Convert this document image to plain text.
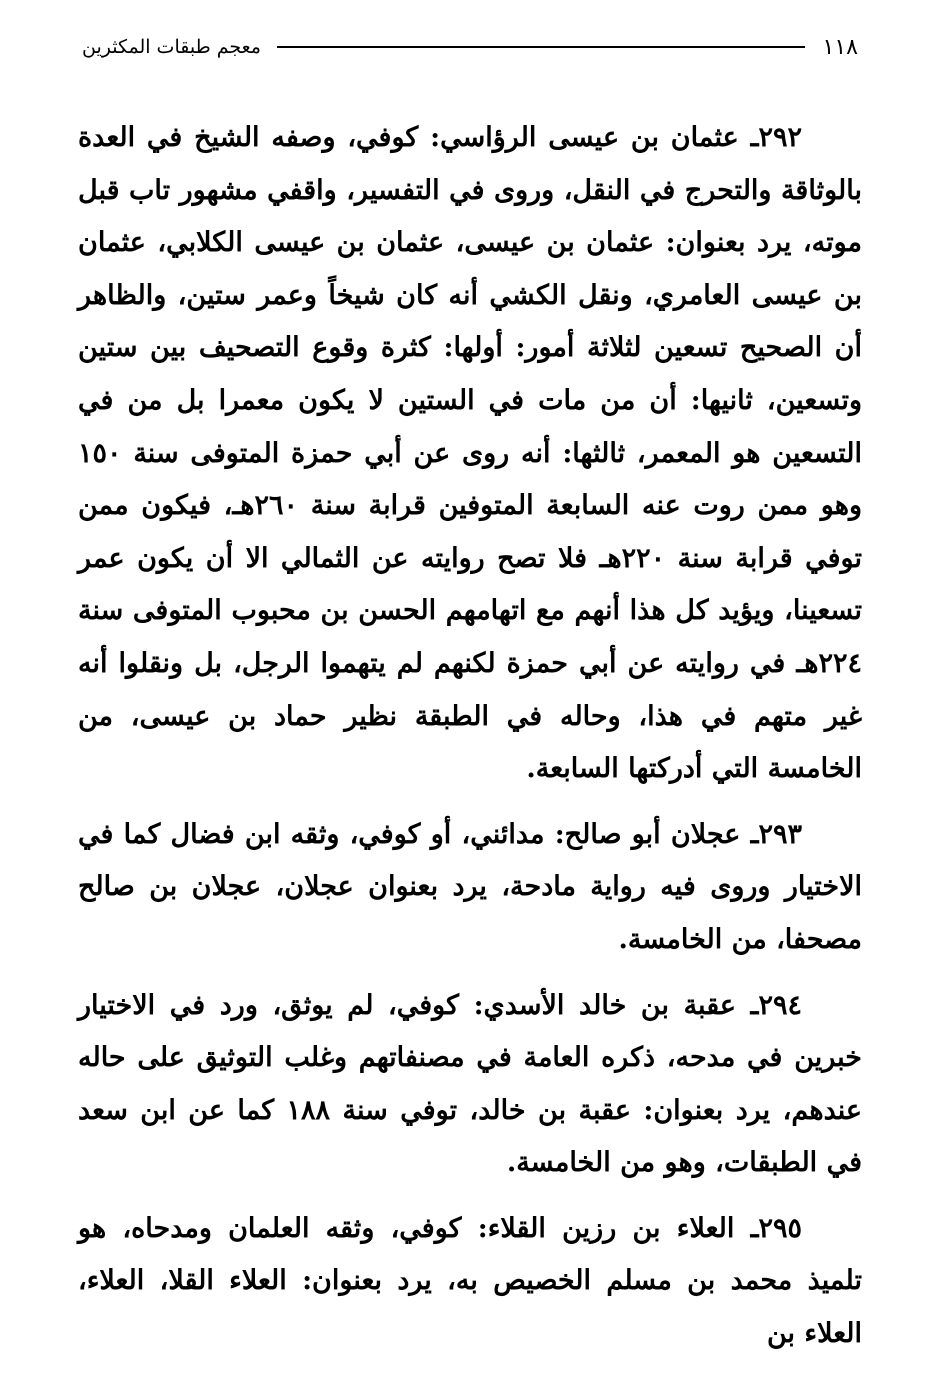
١١٨
معجم طبقات المكثرين

٢٩٢ـ عثمان بن عيسى الرؤاسي: كوفي، وصفه الشيخ في العدة بالوثاقة والتحرج في النقل، وروى في التفسير، واقفي مشهور تاب قبل موته، يرد بعنوان: عثمان بن عيسى، عثمان بن عيسى الكلابي، عثمان بن عيسى العامري، ونقل الكشي أنه كان شيخاً وعمر ستين، والظاهر أن الصحيح تسعين لثلاثة أمور: أولها: كثرة وقوع التصحيف بين ستين وتسعين، ثانيها: أن من مات في الستين لا يكون معمرا بل من في التسعين هو المعمر، ثالثها: أنه روى عن أبي حمزة المتوفى سنة ١٥٠ وهو ممن روت عنه السابعة المتوفين قرابة سنة ٢٦٠هـ، فيكون ممن توفي قرابة سنة ٢٢٠هـ فلا تصح روايته عن الثمالي الا أن يكون عمر تسعينا، ويؤيد كل هذا أنهم مع اتهامهم الحسن بن محبوب المتوفى سنة ٢٢٤هـ في روايته عن أبي حمزة لكنهم لم يتهموا الرجل، بل ونقلوا أنه غير متهم في هذا، وحاله في الطبقة نظير حماد بن عيسى، من الخامسة التي أدركتها السابعة.

٢٩٣ـ عجلان أبو صالح: مدائني، أو كوفي، وثقه ابن فضال كما في الاختيار وروى فيه رواية مادحة، يرد بعنوان عجلان، عجلان بن صالح مصحفا، من الخامسة.

٢٩٤ـ عقبة بن خالد الأسدي: كوفي، لم يوثق، ورد في الاختيار خبرين في مدحه، ذكره العامة في مصنفاتهم وغلب التوثيق على حاله عندهم، يرد بعنوان: عقبة بن خالد، توفي سنة ١٨٨ كما عن ابن سعد في الطبقات، وهو من الخامسة.

٢٩٥ـ العلاء بن رزين القلاء: كوفي، وثقه العلمان ومدحاه، هو تلميذ محمد بن مسلم الخصيص به، يرد بعنوان: العلاء القلا، العلاء، العلاء بن
